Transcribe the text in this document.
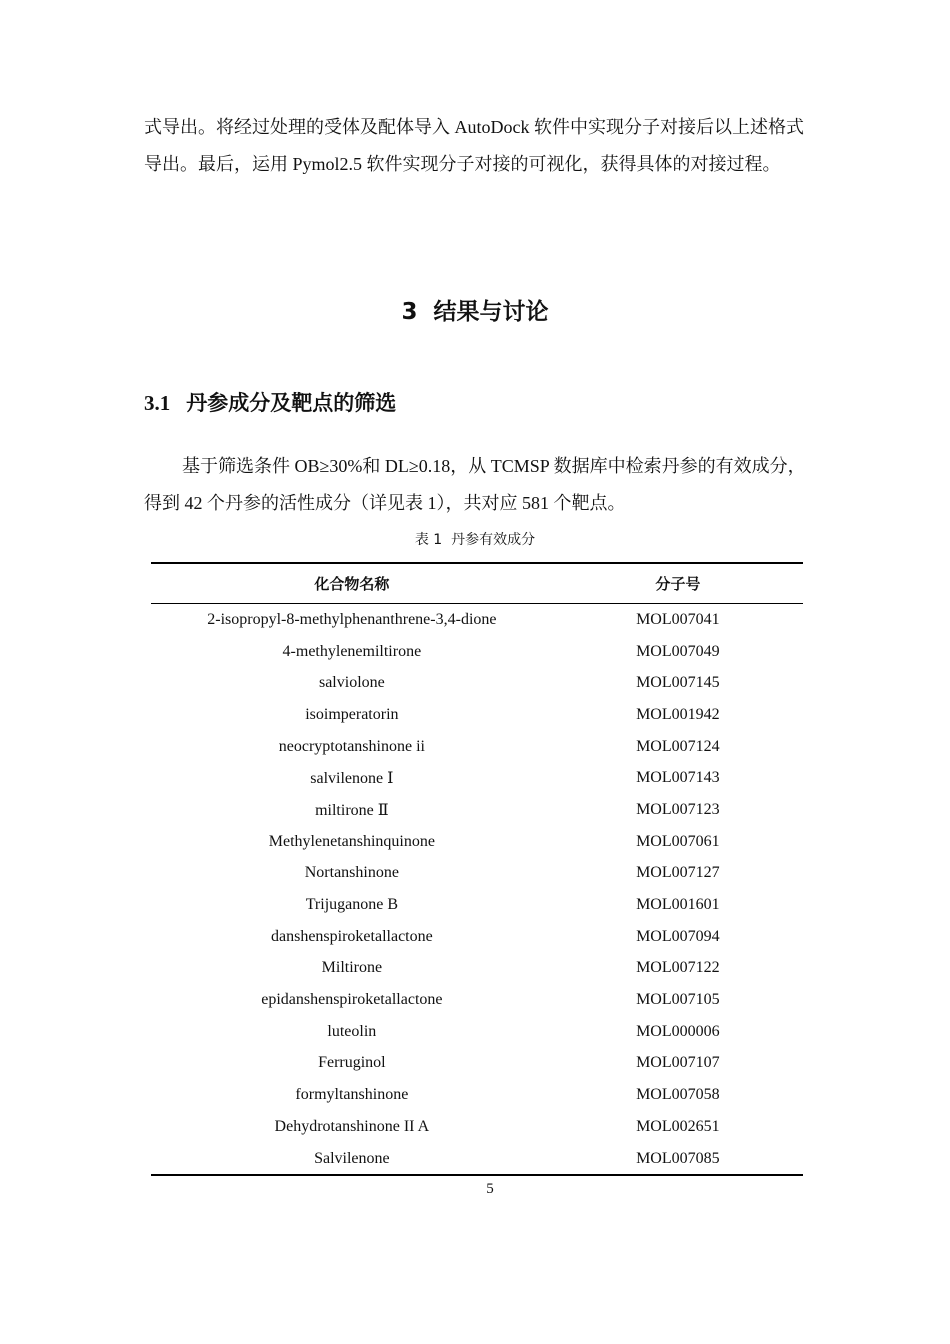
式导出。将经过处理的受体及配体导入 AutoDock 软件中实现分子对接后以上述格式导出。最后，运用 Pymol2.5 软件实现分子对接的可视化，获得具体的对接过程。

3 结果与讨论
3.1 丹参成分及靶点的筛选

基于筛选条件 OB≥30%和 DL≥0.18，从 TCMSP 数据库中检索丹参的有效成分，得到 42 个丹参的活性成分（详见表 1），共对应 581 个靶点。

表 1 丹参有效成分

化合物名称	分子号
2-isopropyl-8-methylphenanthrene-3,4-dione	MOL007041
4-methylenemiltirone	MOL007049
salviolone	MOL007145
isoimperatorin	MOL001942
neocryptotanshinone ii	MOL007124
salvilenone Ⅰ	MOL007143
miltirone Ⅱ	MOL007123
Methylenetanshinquinone	MOL007061
Nortanshinone	MOL007127
Trijuganone B	MOL001601
danshenspiroketallactone	MOL007094
Miltirone	MOL007122
epidanshenspiroketallactone	MOL007105
luteolin	MOL000006
Ferruginol	MOL007107
formyltanshinone	MOL007058
Dehydrotanshinone II A	MOL002651
Salvilenone	MOL007085

5
